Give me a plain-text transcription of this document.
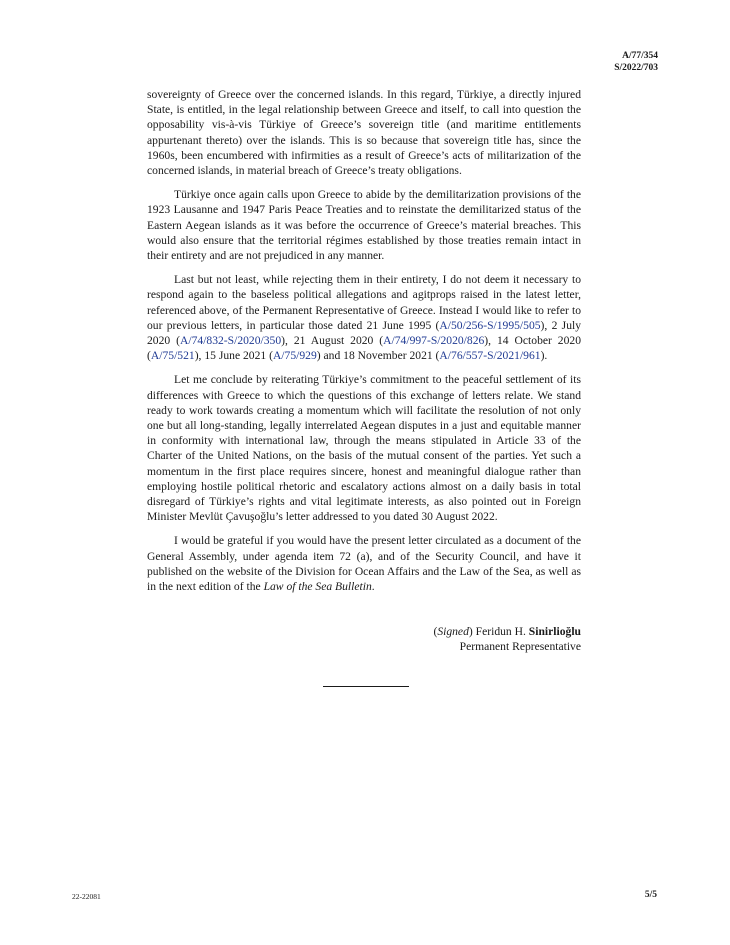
A/77/354
S/2022/703

sovereignty of Greece over the concerned islands. In this regard, Türkiye, a directly injured State, is entitled, in the legal relationship between Greece and itself, to call into question the opposability vis-à-vis Türkiye of Greece’s sovereign title (and maritime entitlements appurtenant thereto) over the islands. This is so because that sovereign title has, since the 1960s, been encumbered with infirmities as a result of Greece’s acts of militarization of the concerned islands, in material breach of Greece’s treaty obligations.

Türkiye once again calls upon Greece to abide by the demilitarization provisions of the 1923 Lausanne and 1947 Paris Peace Treaties and to reinstate the demilitarized status of the Eastern Aegean islands as it was before the occurrence of Greece’s material breaches. This would also ensure that the territorial régimes established by those treaties remain intact in their entirety and are not prejudiced in any manner.

Last but not least, while rejecting them in their entirety, I do not deem it necessary to respond again to the baseless political allegations and agitprops raised in the latest letter, referenced above, of the Permanent Representative of Greece. Instead I would like to refer to our previous letters, in particular those dated 21 June 1995 (A/50/256-S/1995/505), 2 July 2020 (A/74/832-S/2020/350), 21 August 2020 (A/74/997-S/2020/826), 14 October 2020 (A/75/521), 15 June 2021 (A/75/929) and 18 November 2021 (A/76/557-S/2021/961).

Let me conclude by reiterating Türkiye’s commitment to the peaceful settlement of its differences with Greece to which the questions of this exchange of letters relate. We stand ready to work towards creating a momentum which will facilitate the resolution of not only one but all long-standing, legally interrelated Aegean disputes in a just and equitable manner in conformity with international law, through the means stipulated in Article 33 of the Charter of the United Nations, on the basis of the mutual consent of the parties. Yet such a momentum in the first place requires sincere, honest and meaningful dialogue rather than employing hostile political rhetoric and escalatory actions almost on a daily basis in total disregard of Türkiye’s rights and vital legitimate interests, as also pointed out in Foreign Minister Mevlüt Çavuşoğlu’s letter addressed to you dated 30 August 2022.

I would be grateful if you would have the present letter circulated as a document of the General Assembly, under agenda item 72 (a), and of the Security Council, and have it published on the website of the Division for Ocean Affairs and the Law of the Sea, as well as in the next edition of the Law of the Sea Bulletin.

(Signed) Feridun H. Sinirlioğlu
Permanent Representative
22-22081	5/5
